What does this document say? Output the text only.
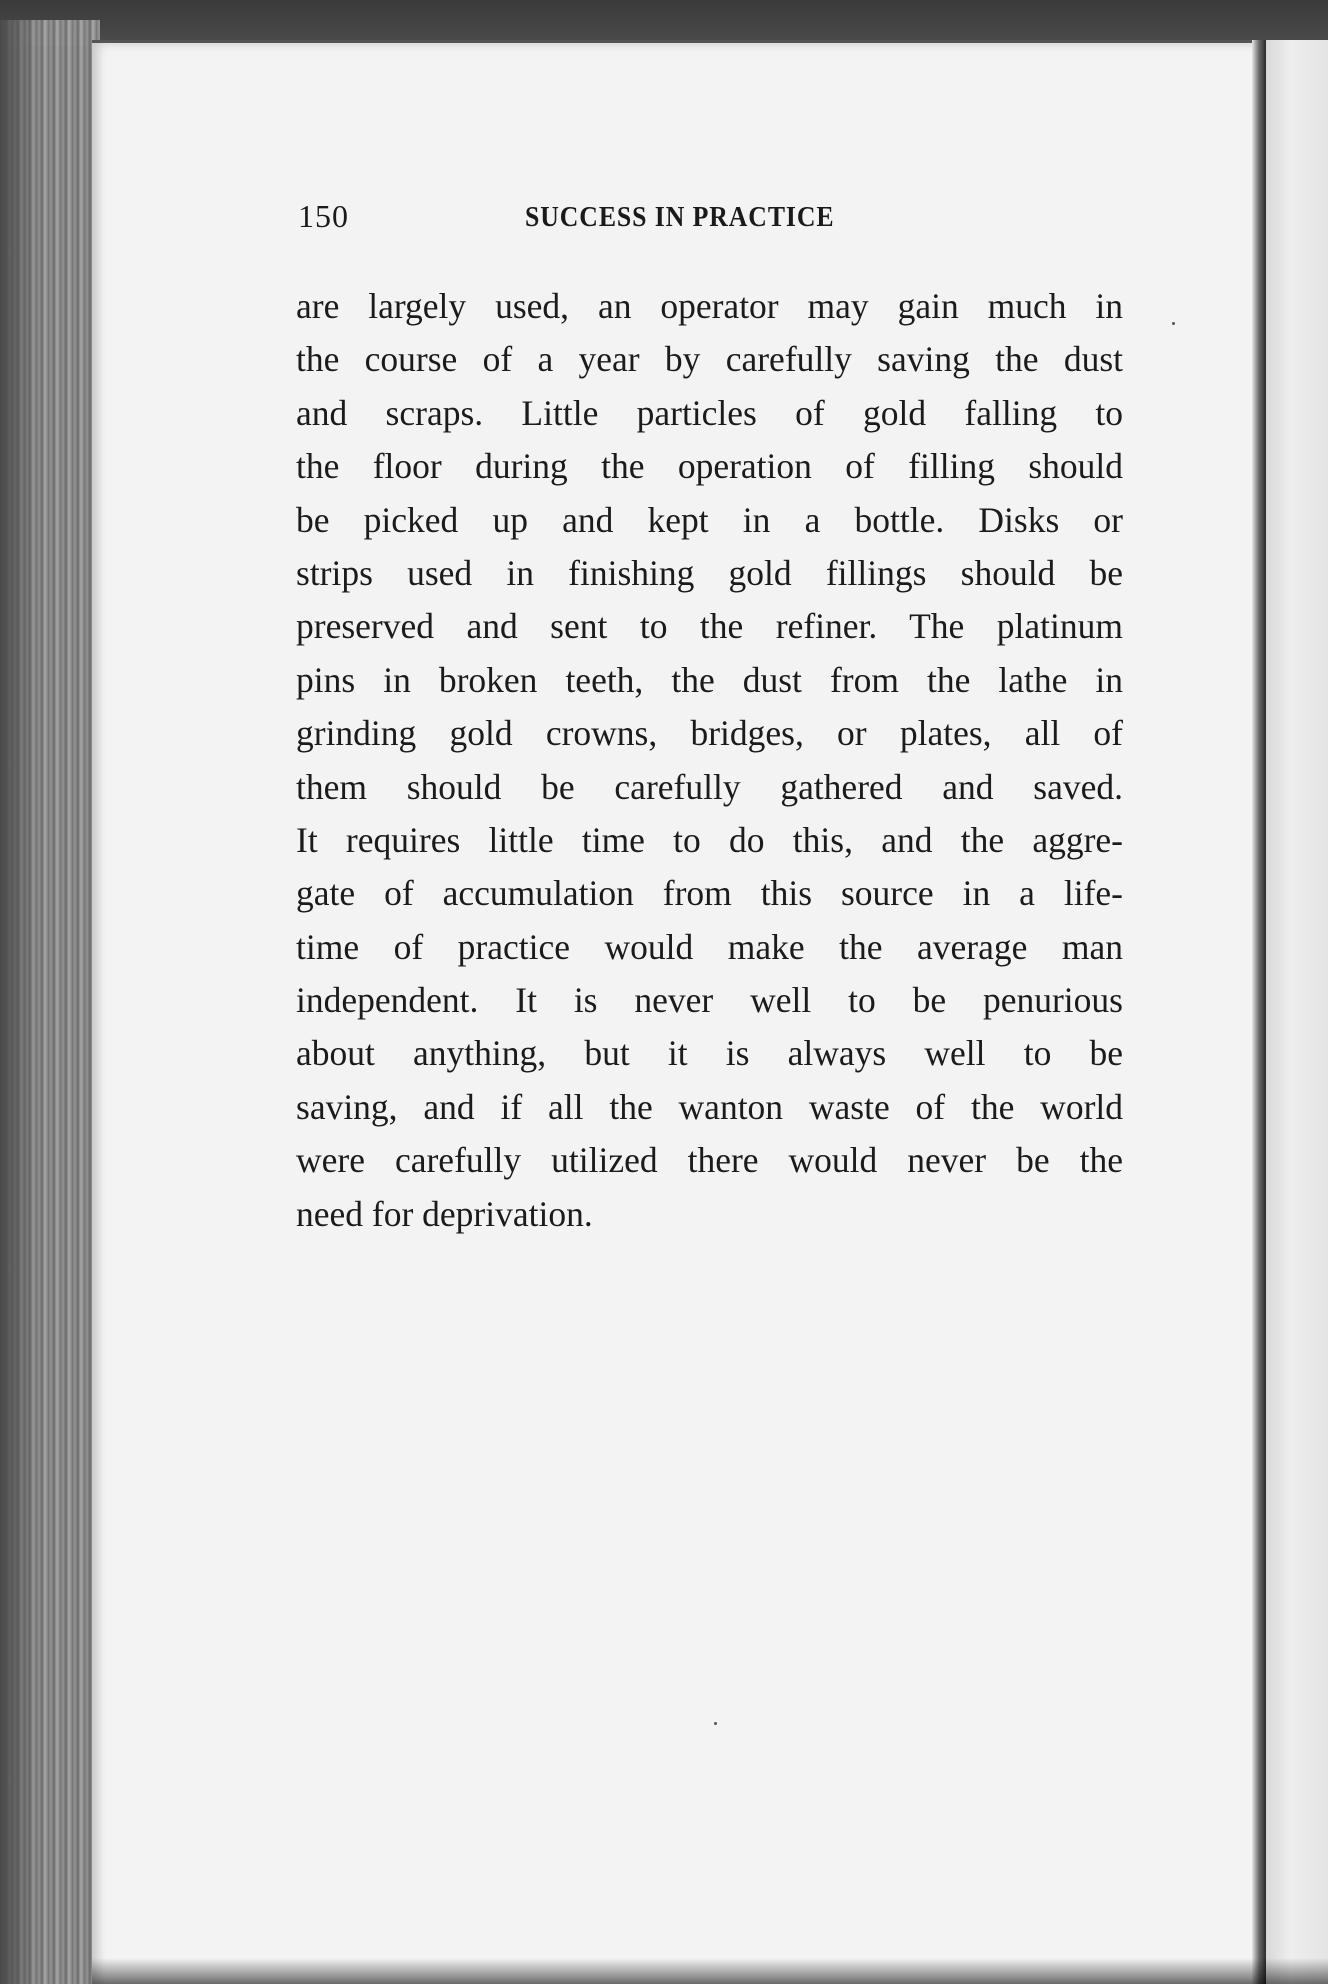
150	SUCCESS IN PRACTICE
are largely used, an operator may gain much in
the course of a year by carefully saving the dust
and scraps. Little particles of gold falling to
the floor during the operation of filling should
be picked up and kept in a bottle. Disks or
strips used in finishing gold fillings should be
preserved and sent to the refiner. The platinum
pins in broken teeth, the dust from the lathe in
grinding gold crowns, bridges, or plates, all of
them should be carefully gathered and saved.
It requires little time to do this, and the aggre-
gate of accumulation from this source in a life-
time of practice would make the average man
independent. It is never well to be penurious
about anything, but it is always well to be
saving, and if all the wanton waste of the world
were carefully utilized there would never be the
need for deprivation.
